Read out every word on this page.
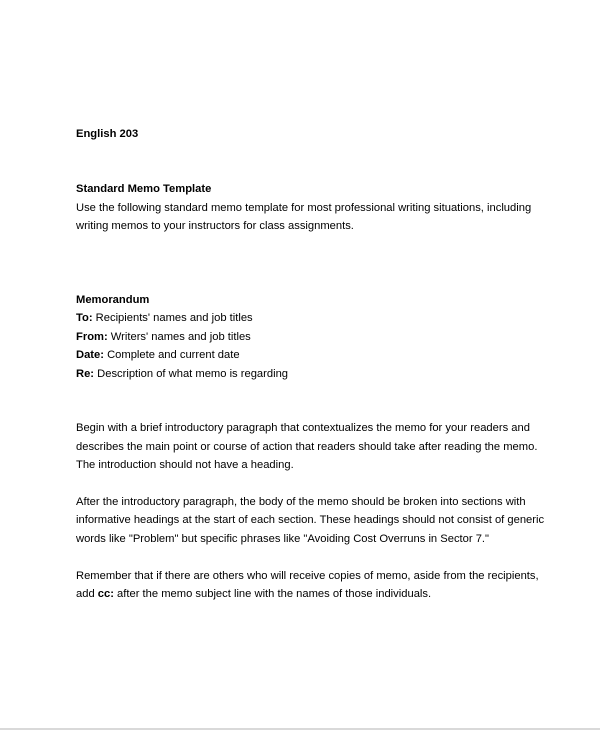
English 203
Standard Memo Template
Use the following standard memo template for most professional writing situations, including
writing memos to your instructors for class assignments.
Memorandum
To: Recipients' names and job titles
From: Writers' names and job titles
Date: Complete and current date
Re: Description of what memo is regarding
Begin with a brief introductory paragraph that contextualizes the memo for your readers and
describes the main point or course of action that readers should take after reading the memo.
The introduction should not have a heading.
After the introductory paragraph, the body of the memo should be broken into sections with
informative headings at the start of each section. These headings should not consist of generic
words like "Problem" but specific phrases like "Avoiding Cost Overruns in Sector 7."
Remember that if there are others who will receive copies of memo, aside from the recipients,
add cc: after the memo subject line with the names of those individuals.
